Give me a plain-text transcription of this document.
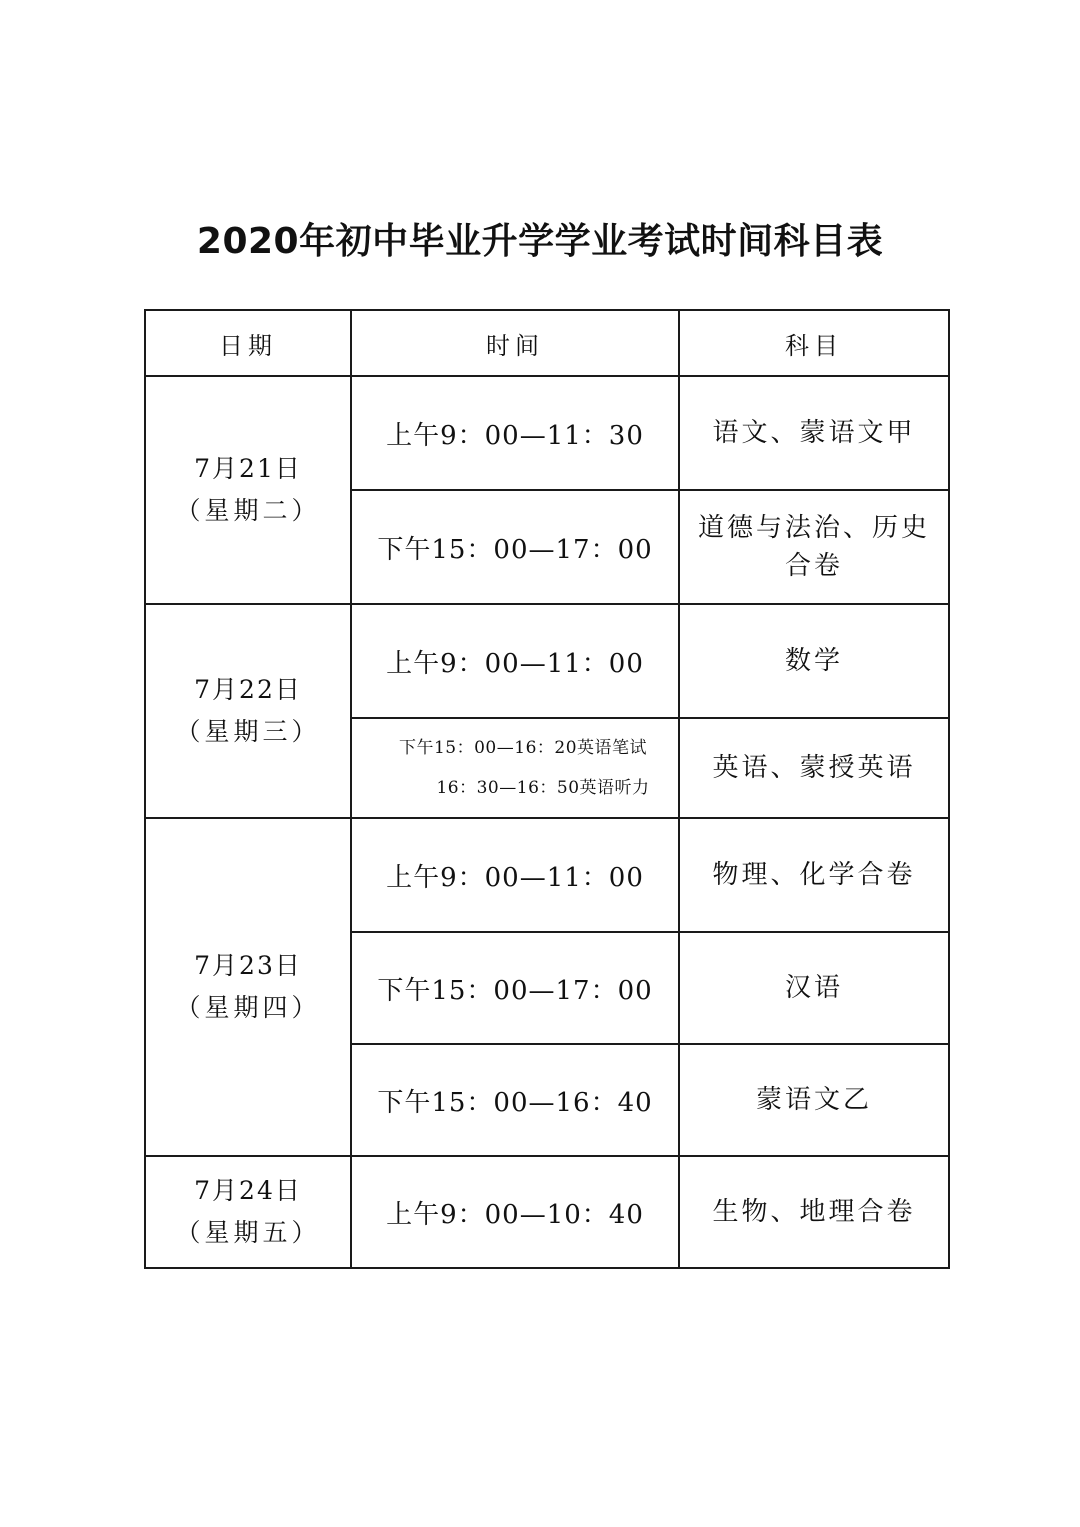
2020年初中毕业升学学业考试时间科目表
日期	时间	科目

7月21日
（星期二）	上午9：00—11：30	语文、蒙语文甲
	下午15：00—17：00	道德与法治、历史合卷

7月22日
（星期三）	上午9：00—11：00	数学

	下午15：00—16：20英语笔试
16：30—16：50英语听力	英语、蒙授英语

7月23日
（星期四）	上午9：00—11：00	物理、化学合卷
	下午15：00—17：00	汉语
	下午15：00—16：40	蒙语文乙

7月24日
（星期五）	上午9：00—10：40	生物、地理合卷
